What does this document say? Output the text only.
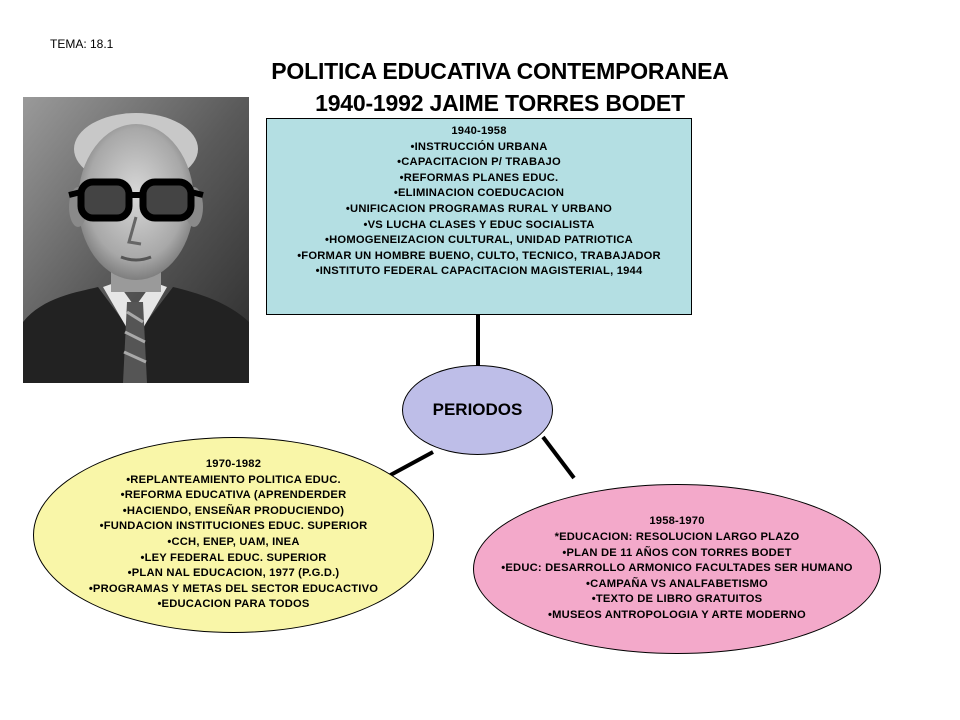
TEMA: 18.1
POLITICA EDUCATIVA CONTEMPORANEA
1940-1992 JAIME TORRES BODET
1940-1958
•INSTRUCCIÓN URBANA
•CAPACITACION P/ TRABAJO
•REFORMAS PLANES EDUC.
•ELIMINACION COEDUCACION
•UNIFICACION PROGRAMAS RURAL Y URBANO
•VS LUCHA CLASES Y EDUC SOCIALISTA
•HOMOGENEIZACION CULTURAL, UNIDAD PATRIOTICA
•FORMAR UN HOMBRE BUENO, CULTO, TECNICO, TRABAJADOR
•INSTITUTO FEDERAL CAPACITACION MAGISTERIAL, 1944
PERIODOS
1970-1982
•REPLANTEAMIENTO POLITICA EDUC.
•REFORMA EDUCATIVA (APRENDERDER
•HACIENDO, ENSEÑAR PRODUCIENDO)
•FUNDACION INSTITUCIONES EDUC. SUPERIOR
•CCH, ENEP, UAM, INEA
•LEY FEDERAL EDUC. SUPERIOR
•PLAN NAL EDUCACION, 1977 (P.G.D.)
•PROGRAMAS Y METAS DEL SECTOR EDUCACTIVO
•EDUCACION PARA TODOS
1958-1970
*EDUCACION: RESOLUCION LARGO PLAZO
•PLAN DE 11 AÑOS CON TORRES BODET
•EDUC: DESARROLLO ARMONICO FACULTADES SER HUMANO
•CAMPAÑA VS ANALFABETISMO
•TEXTO DE LIBRO GRATUITOS
•MUSEOS ANTROPOLOGIA Y ARTE MODERNO
